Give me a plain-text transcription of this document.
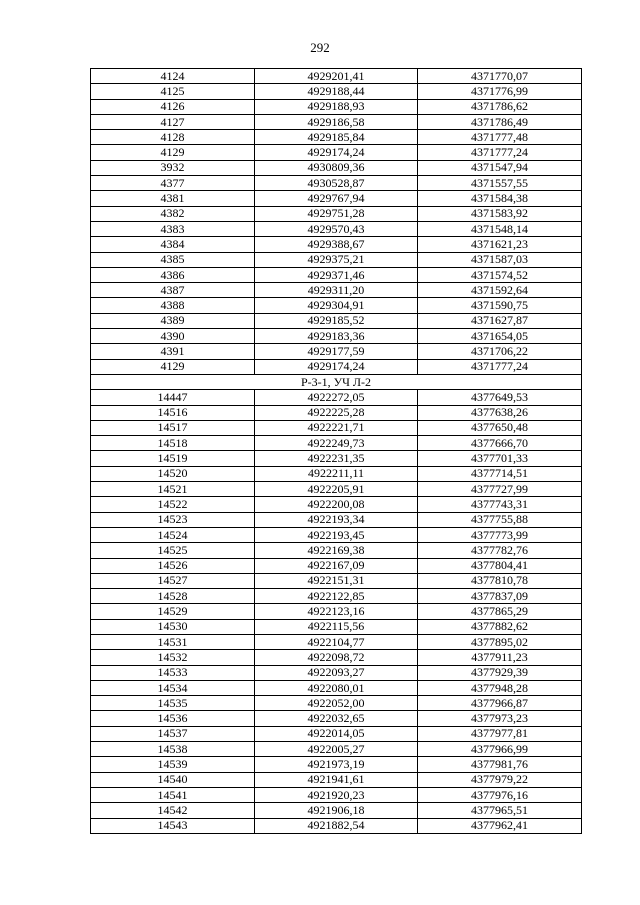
292
4124	4929201,41	4371770,07
4125	4929188,44	4371776,99
4126	4929188,93	4371786,62
4127	4929186,58	4371786,49
4128	4929185,84	4371777,48
4129	4929174,24	4371777,24
3932	4930809,36	4371547,94
4377	4930528,87	4371557,55
4381	4929767,94	4371584,38
4382	4929751,28	4371583,92
4383	4929570,43	4371548,14
4384	4929388,67	4371621,23
4385	4929375,21	4371587,03
4386	4929371,46	4371574,52
4387	4929311,20	4371592,64
4388	4929304,91	4371590,75
4389	4929185,52	4371627,87
4390	4929183,36	4371654,05
4391	4929177,59	4371706,22
4129	4929174,24	4371777,24
Р-3-1, УЧ Л-2		
14447	4922272,05	4377649,53
14516	4922225,28	4377638,26
14517	4922221,71	4377650,48
14518	4922249,73	4377666,70
14519	4922231,35	4377701,33
14520	4922211,11	4377714,51
14521	4922205,91	4377727,99
14522	4922200,08	4377743,31
14523	4922193,34	4377755,88
14524	4922193,45	4377773,99
14525	4922169,38	4377782,76
14526	4922167,09	4377804,41
14527	4922151,31	4377810,78
14528	4922122,85	4377837,09
14529	4922123,16	4377865,29
14530	4922115,56	4377882,62
14531	4922104,77	4377895,02
14532	4922098,72	4377911,23
14533	4922093,27	4377929,39
14534	4922080,01	4377948,28
14535	4922052,00	4377966,87
14536	4922032,65	4377973,23
14537	4922014,05	4377977,81
14538	4922005,27	4377966,99
14539	4921973,19	4377981,76
14540	4921941,61	4377979,22
14541	4921920,23	4377976,16
14542	4921906,18	4377965,51
14543	4921882,54	4377962,41
